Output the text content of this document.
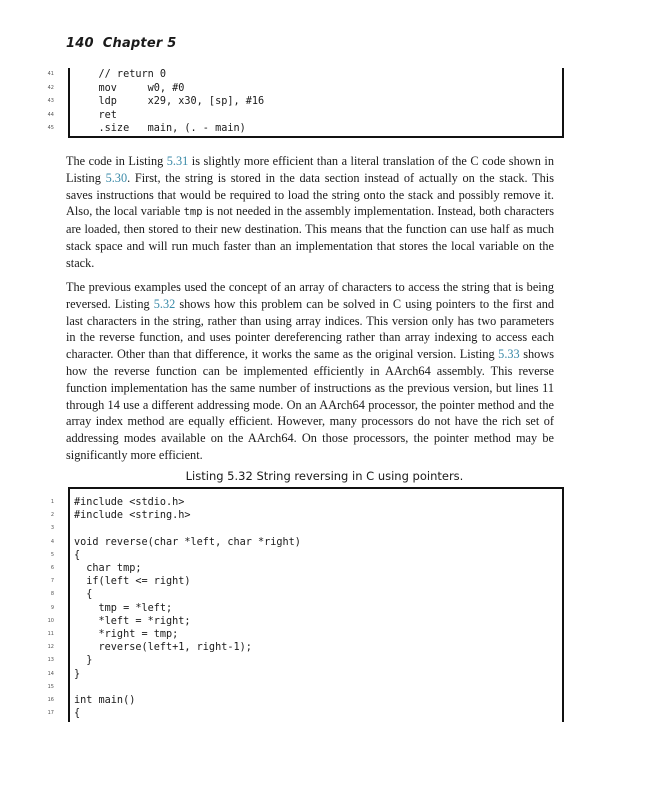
140 Chapter 5
41 // return 0
42 mov     w0, #0
43 ldp     x29, x30, [sp], #16
44 ret
45 .size   main, (. - main)

The code in Listing 5.31 is slightly more efficient than a literal translation of the C code shown in Listing 5.30. First, the string is stored in the data section instead of actually on the stack. This saves instructions that would be required to load the string onto the stack and possibly remove it. Also, the local variable tmp is not needed in the assembly implementation. Instead, both characters are loaded, then stored to their new destination. This means that the function can use half as much stack space and will run much faster than an implementation that stores the local variable on the stack.

The previous examples used the concept of an array of characters to access the string that is being reversed. Listing 5.32 shows how this problem can be solved in C using pointers to the first and last characters in the string, rather than using array indices. This version only has two parameters in the reverse function, and uses pointer dereferencing rather than array indexing to access each character. Other than that difference, it works the same as the original version. Listing 5.33 shows how the reverse function can be implemented efficiently in AArch64 assembly. This reverse function implementation has the same number of instructions as the previous version, but lines 11 through 14 use a different addressing mode. On an AArch64 processor, the pointer method and the array index method are equally efficient. However, many processors do not have the rich set of addressing modes available on the AArch64. On those processors, the pointer method may be significantly more efficient.

Listing 5.32 String reversing in C using pointers.
1 #include <stdio.h>
2 #include <string.h>
3
4 void reverse(char *left, char *right)
5 {
6 char tmp;
7 if(left <= right)
8 {
9 tmp = *left;
10 *left = *right;
11 *right = tmp;
12 reverse(left+1, right-1);
13 }
14 }
15
16 int main()
17 {
